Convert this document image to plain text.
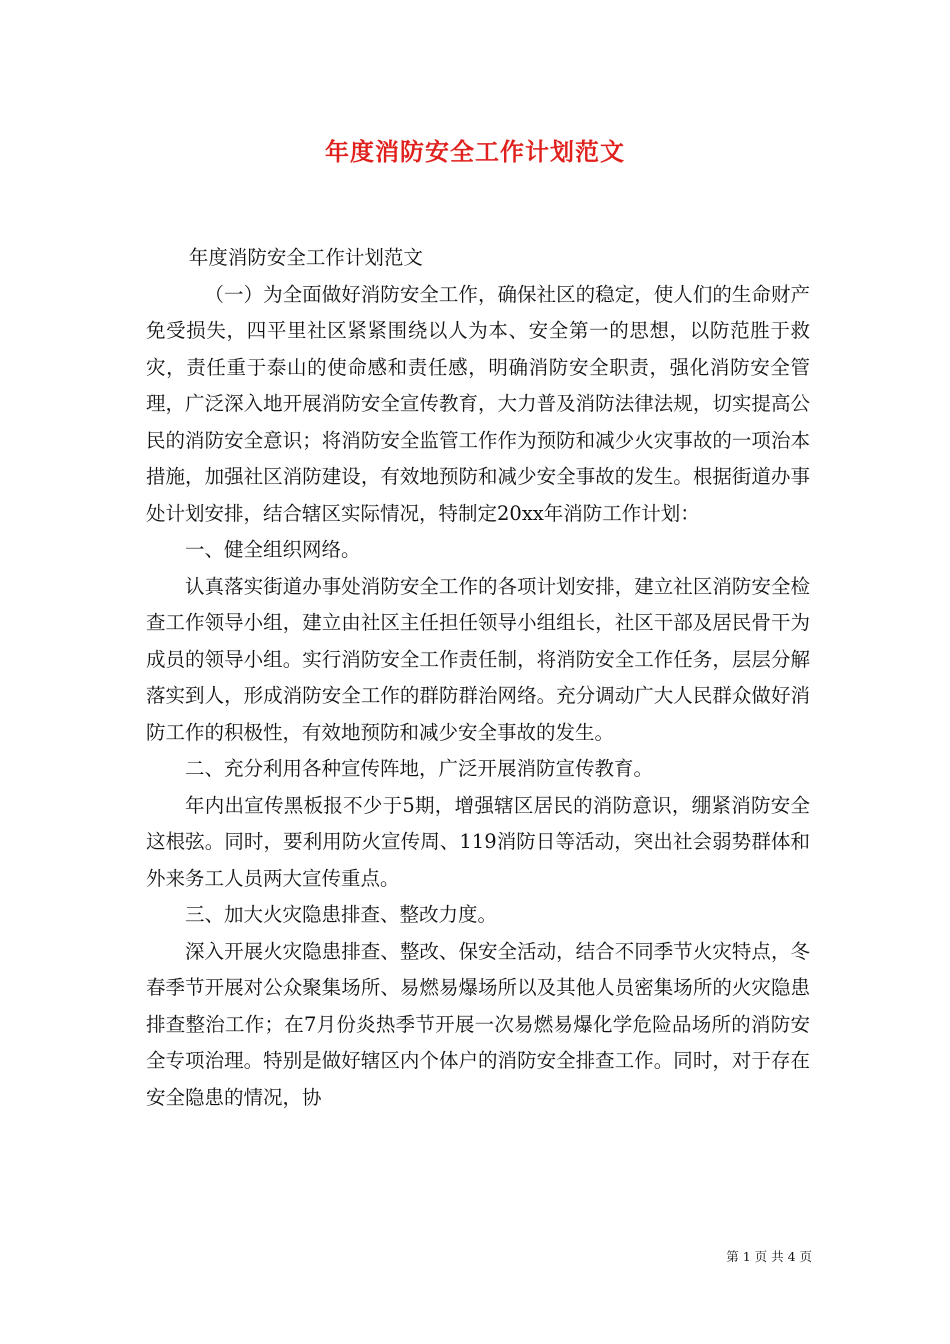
年度消防安全工作计划范文

年度消防安全工作计划范文

（一）为全面做好消防安全工作，确保社区的稳定，使人们的生命财产免受损失，四平里社区紧紧围绕以人为本、安全第一的思想，以防范胜于救灾，责任重于泰山的使命感和责任感，明确消防安全职责，强化消防安全管理，广泛深入地开展消防安全宣传教育，大力普及消防法律法规，切实提高公民的消防安全意识；将消防安全监管工作作为预防和减少火灾事故的一项治本措施，加强社区消防建设，有效地预防和减少安全事故的发生。根据街道办事处计划安排，结合辖区实际情况，特制定20xx年消防工作计划：

一、健全组织网络。

认真落实街道办事处消防安全工作的各项计划安排，建立社区消防安全检查工作领导小组，建立由社区主任担任领导小组组长，社区干部及居民骨干为成员的领导小组。实行消防安全工作责任制，将消防安全工作任务，层层分解落实到人，形成消防安全工作的群防群治网络。充分调动广大人民群众做好消防工作的积极性，有效地预防和减少安全事故的发生。

二、充分利用各种宣传阵地，广泛开展消防宣传教育。

年内出宣传黑板报不少于5期，增强辖区居民的消防意识，绷紧消防安全这根弦。同时，要利用防火宣传周、119消防日等活动，突出社会弱势群体和外来务工人员两大宣传重点。

三、加大火灾隐患排查、整改力度。

深入开展火灾隐患排查、整改、保安全活动，结合不同季节火灾特点，冬春季节开展对公众聚集场所、易燃易爆场所以及其他人员密集场所的火灾隐患排查整治工作；在7月份炎热季节开展一次易燃易爆化学危险品场所的消防安全专项治理。特别是做好辖区内个体户的消防安全排查工作。同时，对于存在安全隐患的情况，协

第 1 页 共 4 页
